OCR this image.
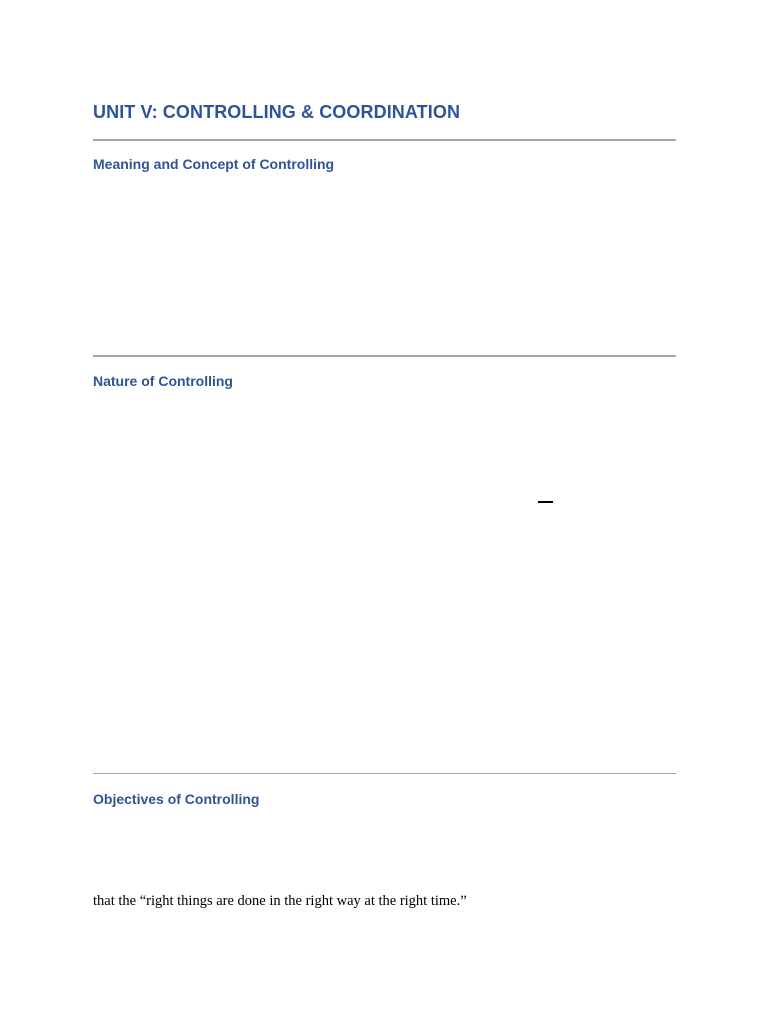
UNIT V: CONTROLLING & COORDINATION
Meaning and Concept of Controlling
Nature of Controlling
Objectives of Controlling

that the “right things are done in the right way at the right time.”
